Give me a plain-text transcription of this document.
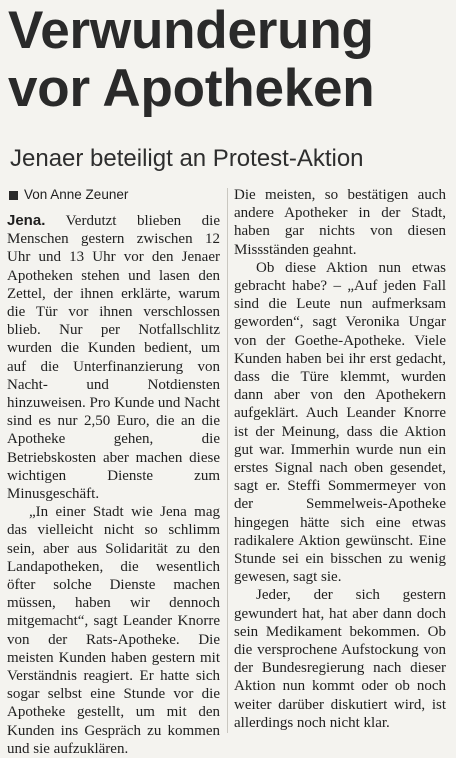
Verwunderung
vor Apotheken
Jenaer beteiligt an Protest-Aktion
Von Anne Zeuner

Jena. Verdutzt blieben die Menschen gestern zwischen 12 Uhr und 13 Uhr vor den Jenaer Apotheken stehen und lasen den Zettel, der ihnen erklärte, warum die Tür vor ihnen verschlossen blieb. Nur per Notfallschlitz wurden die Kunden bedient, um auf die Unterfinanzierung von Nacht- und Notdiensten hinzuweisen. Pro Kunde und Nacht sind es nur 2,50 Euro, die an die Apotheke gehen, die Betriebskosten aber machen diese wichtigen Dienste zum Minusgeschäft.

„In einer Stadt wie Jena mag das vielleicht nicht so schlimm sein, aber aus Solidarität zu den Landapotheken, die wesentlich öfter solche Dienste machen müssen, haben wir dennoch mitgemacht“, sagt Leander Knorre von der Rats-Apotheke. Die meisten Kunden haben gestern mit Verständnis reagiert. Er hatte sich sogar selbst eine Stunde vor die Apotheke gestellt, um mit den Kunden ins Gespräch zu kommen und sie aufzuklären.

Die meisten, so bestätigen auch andere Apotheker in der Stadt, haben gar nichts von diesen Missständen geahnt.

Ob diese Aktion nun etwas gebracht habe? – „Auf jeden Fall sind die Leute nun aufmerksam geworden“, sagt Veronika Ungar von der Goethe-Apotheke. Viele Kunden haben bei ihr erst gedacht, dass die Türe klemmt, wurden dann aber von den Apothekern aufgeklärt. Auch Leander Knorre ist der Meinung, dass die Aktion gut war. Immerhin wurde nun ein erstes Signal nach oben gesendet, sagt er. Steffi Sommermeyer von der Semmelweis-Apotheke hingegen hätte sich eine etwas radikalere Aktion gewünscht. Eine Stunde sei ein bisschen zu wenig gewesen, sagt sie.

Jeder, der sich gestern gewundert hat, hat aber dann doch sein Medikament bekommen. Ob die versprochene Aufstockung von der Bundesregierung nach dieser Aktion nun kommt oder ob noch weiter darüber diskutiert wird, ist allerdings noch nicht klar.
